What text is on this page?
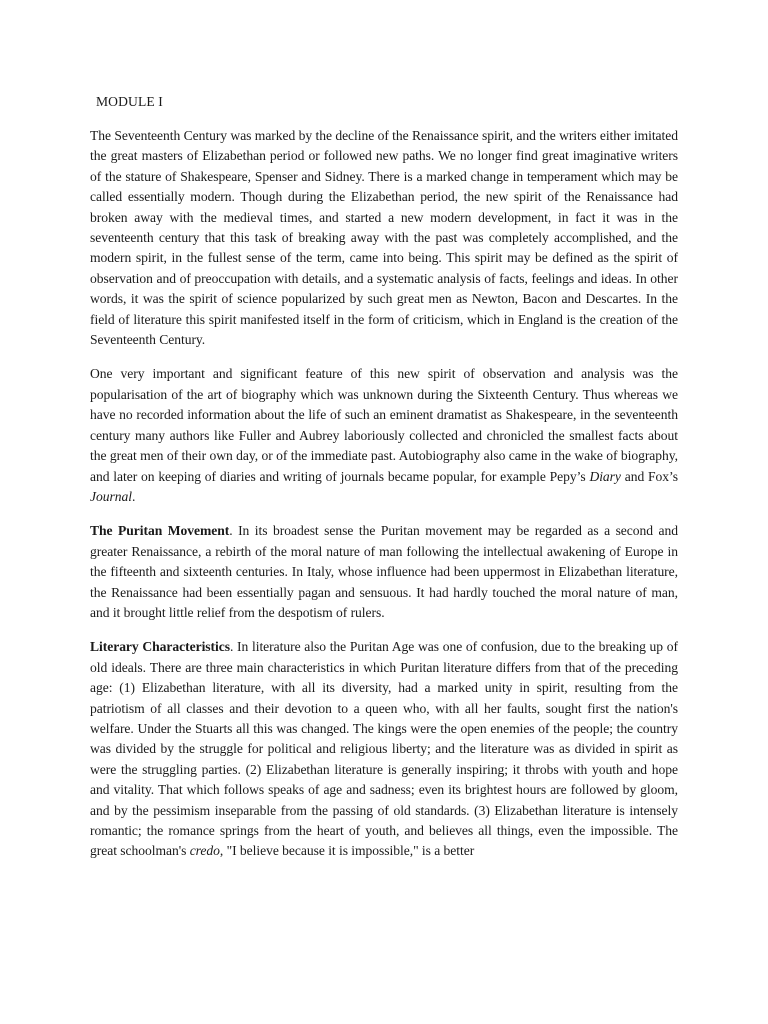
MODULE I

The Seventeenth Century was marked by the decline of the Renaissance spirit, and the writers either imitated the great masters of Elizabethan period or followed new paths. We no longer find great imaginative writers of the stature of Shakespeare, Spenser and Sidney. There is a marked change in temperament which may be called essentially modern. Though during the Elizabethan period, the new spirit of the Renaissance had broken away with the medieval times, and started a new modern development, in fact it was in the seventeenth century that this task of breaking away with the past was completely accomplished, and the modern spirit, in the fullest sense of the term, came into being. This spirit may be defined as the spirit of observation and of preoccupation with details, and a systematic analysis of facts, feelings and ideas. In other words, it was the spirit of science popularized by such great men as Newton, Bacon and Descartes. In the field of literature this spirit manifested itself in the form of criticism, which in England is the creation of the Seventeenth Century.

One very important and significant feature of this new spirit of observation and analysis was the popularisation of the art of biography which was unknown during the Sixteenth Century. Thus whereas we have no recorded information about the life of such an eminent dramatist as Shakespeare, in the seventeenth century many authors like Fuller and Aubrey laboriously collected and chronicled the smallest facts about the great men of their own day, or of the immediate past. Autobiography also came in the wake of biography, and later on keeping of diaries and writing of journals became popular, for example Pepy’s Diary and Fox’s Journal.

The Puritan Movement. In its broadest sense the Puritan movement may be regarded as a second and greater Renaissance, a rebirth of the moral nature of man following the intellectual awakening of Europe in the fifteenth and sixteenth centuries. In Italy, whose influence had been uppermost in Elizabethan literature, the Renaissance had been essentially pagan and sensuous. It had hardly touched the moral nature of man, and it brought little relief from the despotism of rulers.

Literary Characteristics. In literature also the Puritan Age was one of confusion, due to the breaking up of old ideals. There are three main characteristics in which Puritan literature differs from that of the preceding age: (1) Elizabethan literature, with all its diversity, had a marked unity in spirit, resulting from the patriotism of all classes and their devotion to a queen who, with all her faults, sought first the nation's welfare. Under the Stuarts all this was changed. The kings were the open enemies of the people; the country was divided by the struggle for political and religious liberty; and the literature was as divided in spirit as were the struggling parties. (2) Elizabethan literature is generally inspiring; it throbs with youth and hope and vitality. That which follows speaks of age and sadness; even its brightest hours are followed by gloom, and by the pessimism inseparable from the passing of old standards. (3) Elizabethan literature is intensely romantic; the romance springs from the heart of youth, and believes all things, even the impossible. The great schoolman's credo, "I believe because it is impossible," is a better
